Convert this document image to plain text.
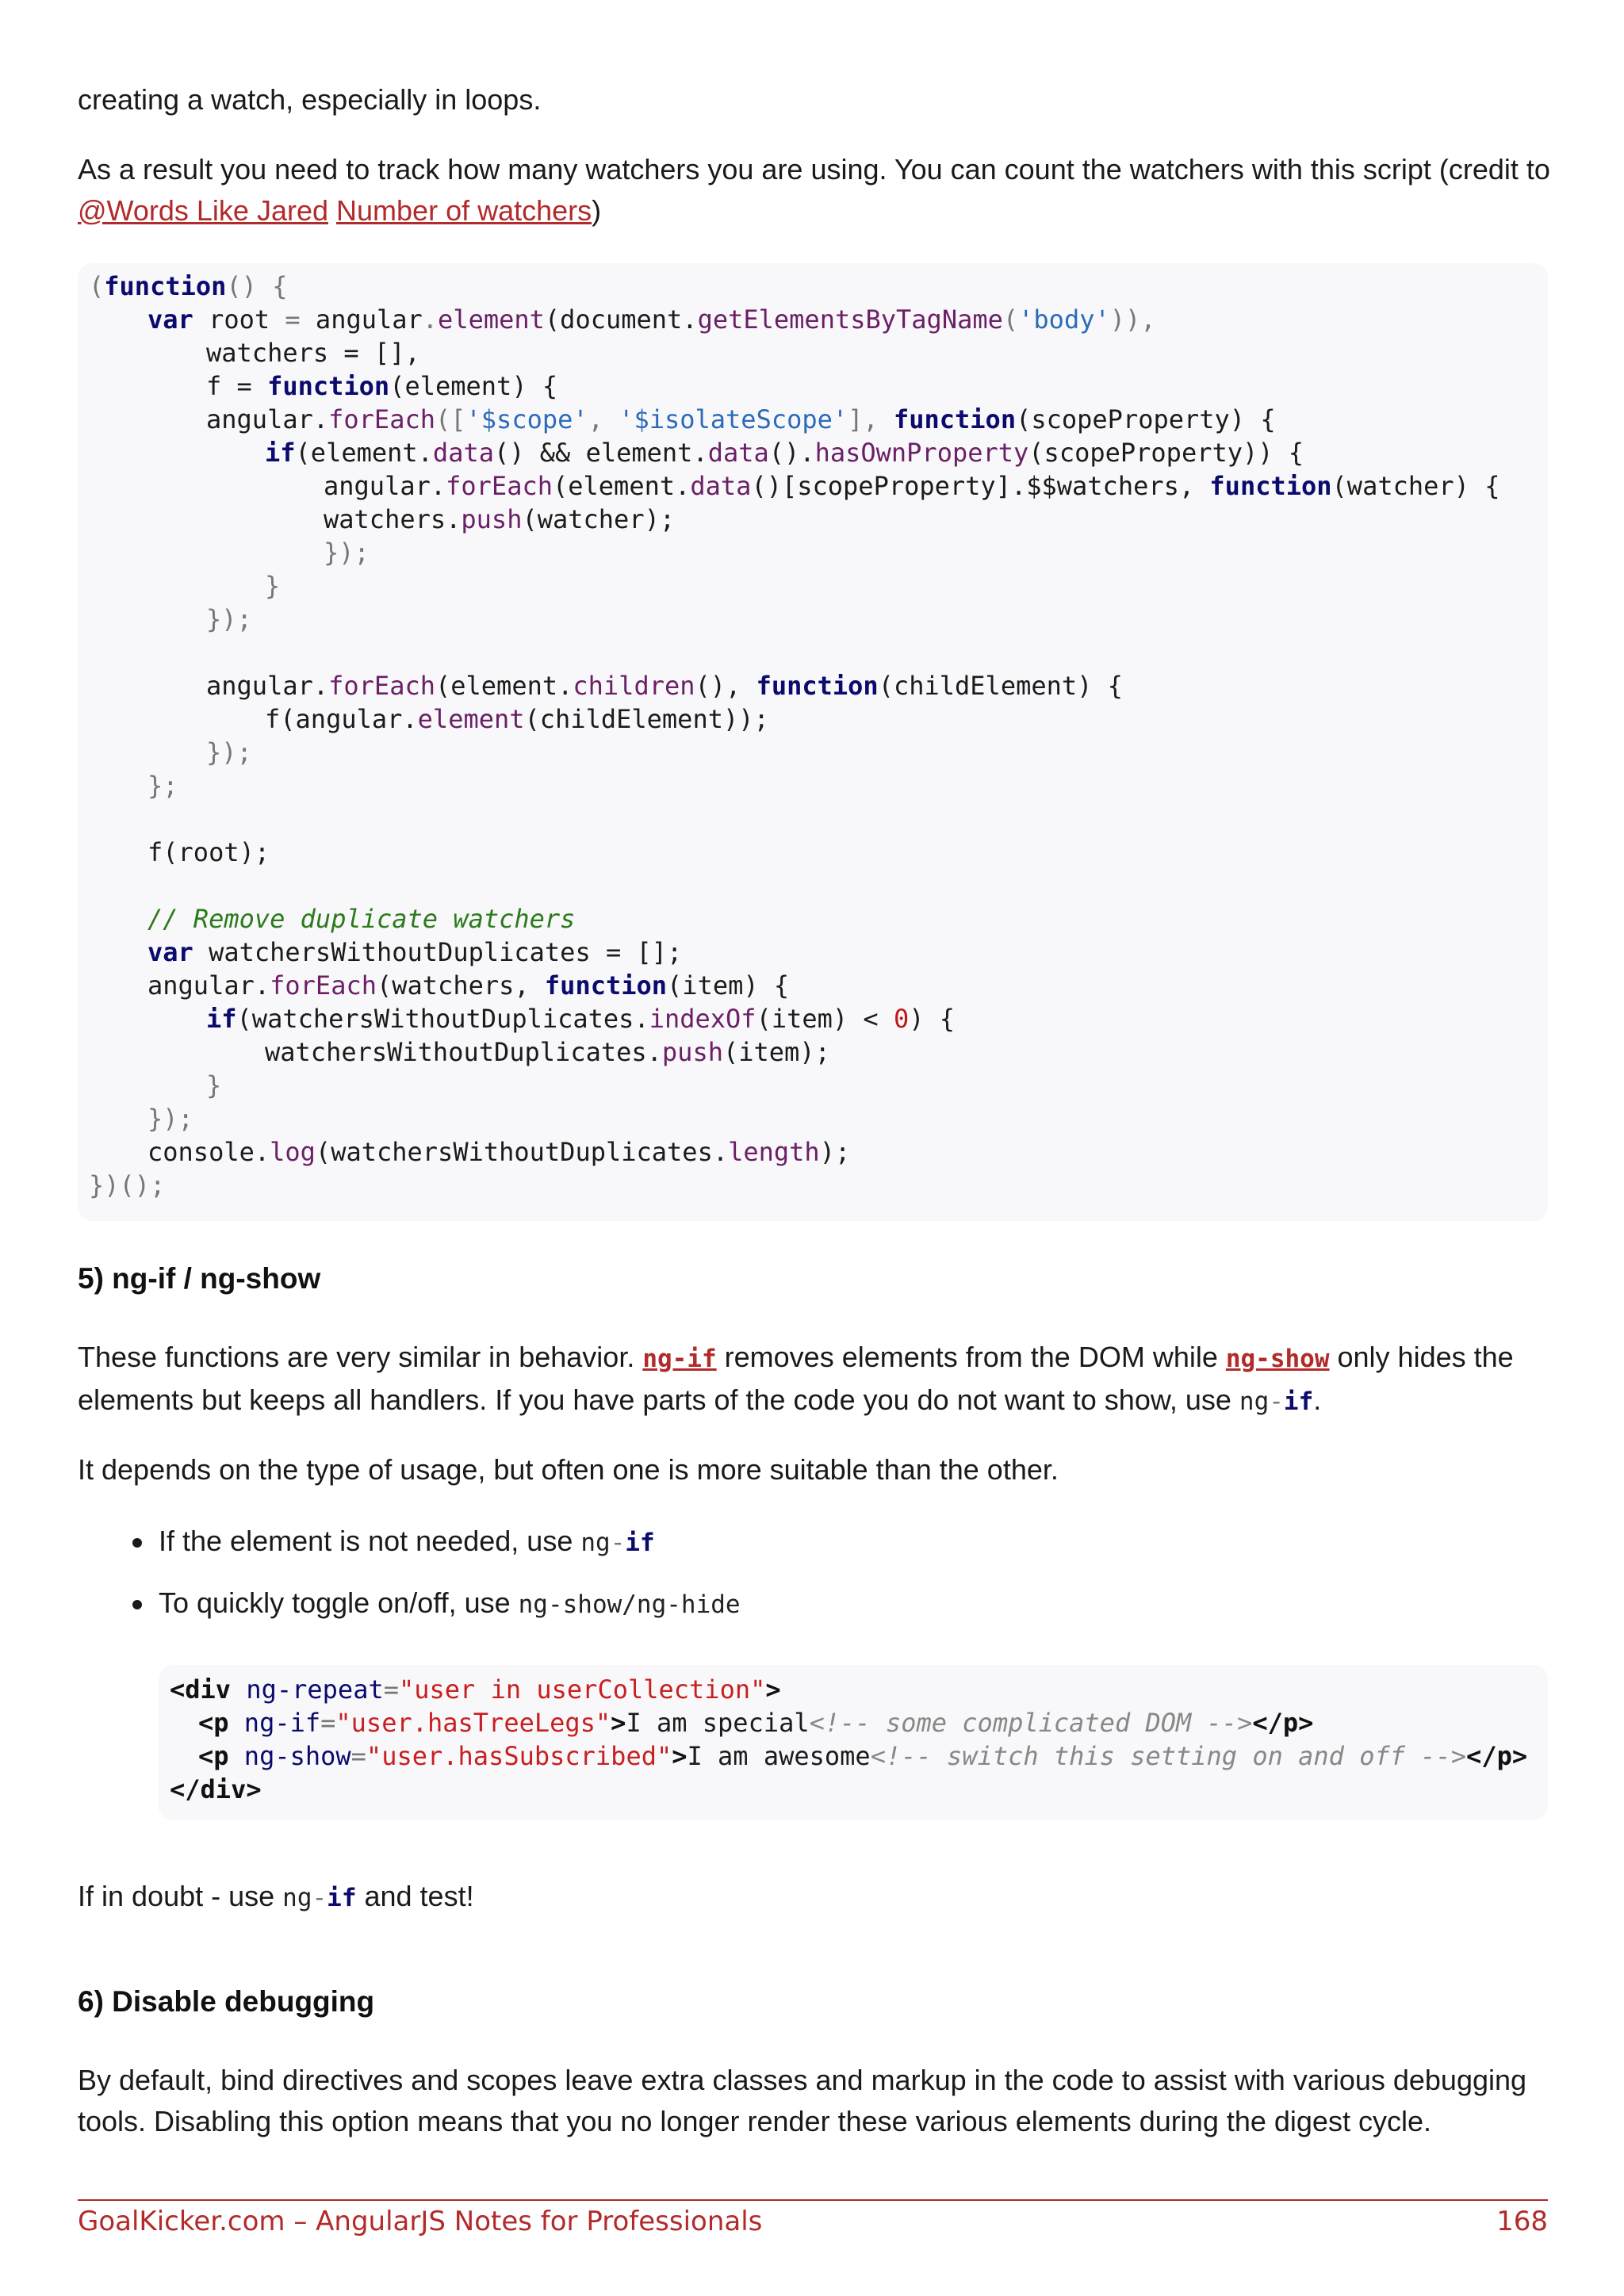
creating a watch, especially in loops.

As a result you need to track how many watchers you are using. You can count the watchers with this script (credit to @Words Like Jared Number of watchers)

(function() {
var root = angular.element(document.getElementsByTagName('body')),
watchers = [],
f = function(element) {
angular.forEach(['$scope', '$isolateScope'], function(scopeProperty) {
if(element.data() && element.data().hasOwnProperty(scopeProperty)) {
angular.forEach(element.data()[scopeProperty].$$watchers, function(watcher) {
watchers.push(watcher);
});
}
});
angular.forEach(element.children(), function(childElement) {
f(angular.element(childElement));
});
};
f(root);
// Remove duplicate watchers
var watchersWithoutDuplicates = [];
angular.forEach(watchers, function(item) {
if(watchersWithoutDuplicates.indexOf(item) < 0) {
watchersWithoutDuplicates.push(item);
}
});
console.log(watchersWithoutDuplicates.length);
})();
5) ng-if / ng-show

These functions are very similar in behavior. ng-if removes elements from the DOM while ng-show only hides the elements but keeps all handlers. If you have parts of the code you do not want to show, use ng-if.

It depends on the type of usage, but often one is more suitable than the other.

If the element is not needed, use ng-if
To quickly toggle on/off, use ng-show/ng-hide
<div ng-repeat="user in userCollection">
<p ng-if="user.hasTreeLegs">I am special<!-- some complicated DOM --></p>
<p ng-show="user.hasSubscribed">I am awesome<!-- switch this setting on and off --></p>
</div>

If in doubt - use ng-if and test!

6) Disable debugging

By default, bind directives and scopes leave extra classes and markup in the code to assist with various debugging tools. Disabling this option means that you no longer render these various elements during the digest cycle.

GoalKicker.com – AngularJS Notes for Professionals	168
